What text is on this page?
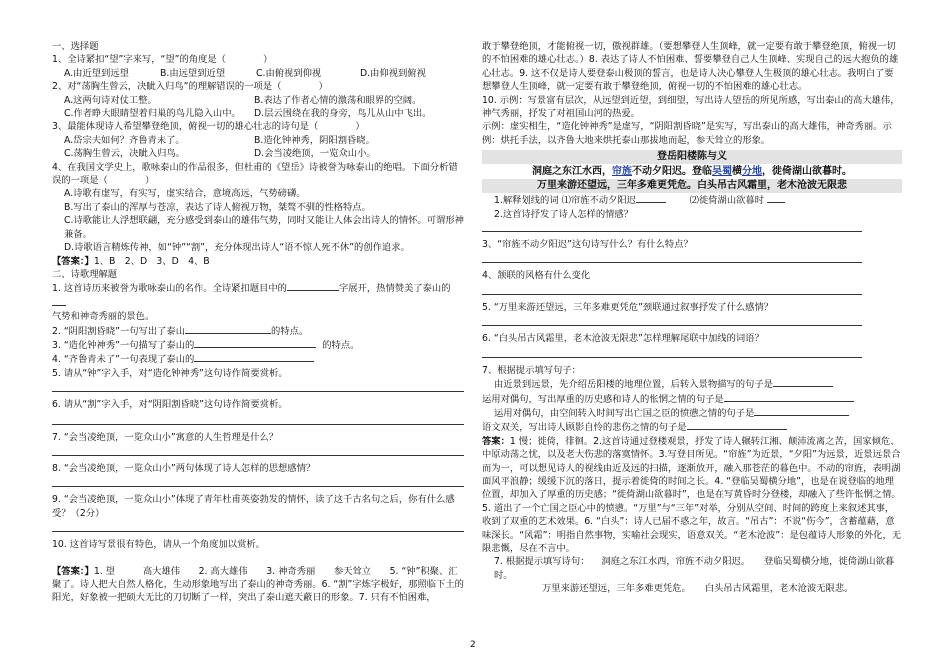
一、选择题

1、全诗紧扣“望”字来写，“望”的角度是（　　　　）

A.由近望到远望	B.由远望到近望	C.由俯视到仰视	D.由仰视到俯视

2、对“荡胸生曾云，决眦入归鸟”的理解错误的一项是（　　　　）

A.这两句诗对仗工整。	B.表达了作者心情的激荡和眼界的空阔。

C.作者睁大眼睛望着归巢的鸟儿隐入山中。 D.层云围绕在我的身旁，鸟儿从山中飞出。

3、最能体现诗人希望攀登绝顶，俯视一切的雄心壮志的诗句是（　　　　）

A.岱宗夫如何？齐鲁青未了。	B.造化钟神秀，阴阳割昏晓。

C.荡胸生曾云，决眦入归鸟。	D.会当凌绝顶，一览众山小。

4、在我国文学史上，歌咏泰山的作品很多，但杜甫的《望岳》诗被誉为咏泰山的绝唱。下面分析错误的一项是（　　　　）

A.诗歌有虚写，有实写，虚实结合，意境高远，气势磅礴。

B.写出了泰山的浑厚与苍凉，表达了诗人俯视万物，桀骜不驯的性格特点。

C.诗歌能让人浮想联翩，充分感受到泰山的雄伟气势，同时又能让人体会出诗人的情怀。可谓形神兼备。

D.诗歌语言精炼传神，如“钟”“割”，充分体现出诗人“语不惊人死不休”的创作追求。

【答案：】1、B　2、D　3、D　4、B

二、诗歌理解题

1. 这首诗历来被誉为歌咏泰山的名作。全诗紧扣题目中的	字展开，热情赞美了泰山的

气势和神奇秀丽的景色。

2. “阴阳割昏晓”一句写出了泰山	的特点。

3. “造化钟神秀”一句描写了泰山的	的特点。

4. “齐鲁青未了”一句表现了泰山的

5. 请从“钟”字入手，对“造化钟神秀”这句诗作简要赏析。

6. 请从“割”字入手，对“阴阳割昏晓”这句诗作简要赏析。

7. “会当凌绝顶，一览众山小”寓意的人生哲理是什么？

8. “会当凌绝顶，一览众山小”两句体现了诗人怎样的思想感情？

9. “会当凌绝顶，一览众山小”体现了青年杜甫英姿勃发的情怀，读了这千古名句之后，你有什么感受？（2分）

10. 这首诗写景很有特色，请从一个角度加以赏析。

【答案：】1. 望　　　高大雄伟　　2. 高大雄伟　　3. 神奇秀丽　　参天耸立　　5. “钟”积聚、汇聚了。诗人把大自然人格化，生动形象地写出了泰山的神奇秀丽。6. “割”字炼字极好，那照临下土的阳光，好象被一把硕大无比的刀切断了一样，突出了泰山遮天蔽日的形象。7. 只有不怕困难，

敢于攀登绝顶，才能俯视一切，傲视群雄。（要想攀登人生顶峰，就一定要有敢于攀登绝顶，俯视一切的不怕困难的雄心壮志。）8. 表达了诗人不怕困难、誓要攀登自己人生顶峰、实现自己的远大抱负的雄心壮志。9. 这不仅是诗人要登泰山极顶的誓言，也是诗人决心攀登人生极顶的雄心壮志。我明白了要想攀登人生顶峰，就一定要有敢于攀登绝顶，俯视一切的不怕困难的雄心壮志。

10. 示例：写景富有层次，从远望到近望，到细望，写出诗人望岳的所见所感，写出泰山的高大雄伟，神气秀丽，抒发了对祖国山河的热爱。

示例：虚实相生，“造化钟神秀”是虚写，“阴阳割昏晓”是实写，写出泰山的高大雄伟，神奇秀丽。示例：烘托手法，以齐鲁大地来烘托泰山那拔地而起，参天耸立的形象。

登岳阳楼陈与义
洞庭之东江水西，帘旌不动夕阳迟。登临吴蜀横分地，徙倚湖山欲暮时。
万里来游还望远，三年多难更凭危。白头吊古风霜里，老木沧波无限悲

1.解释划线的词 ⑴帘旌不动夕阳迟	⑵徙倚湖山欲暮时

2.这首诗抒发了诗人怎样的情感？

3、“帘旌不动夕阳迟”这句诗写什么？有什么特点？

4、颔联的风格有什么变化

5. “万里来游还望远，三年多难更凭危”颈联通过叙事抒发了什么感情？

6. “白头吊古风霜里，老木沧波无限悲”怎样理解尾联中加线的词语？

7、根据提示填写句子：

由近景到远景，先介绍岳阳楼的地理位置，后转入景物描写的句子是

运用对偶句，写出厚重的历史感和诗人的怅惘之情的句子是

运用对偶句，由空间转入时间写出亡国之臣的愤懑之情的句子是

语文双关，写出诗人顾影自怜的悲伤之情的句子是

答案：1 慢；徙倚，徘徊。2.这首诗通过登楼观景，抒发了诗人辗转江湘、颠沛流离之苦，国家倾危、中原动荡之忧，以及老大伤悲的落寞情怀。3.写登目所见。“帘旌”为近景，“夕阳”为远景，近景远景合而为一，可以想见诗人的视线由近及远的扫描，逐渐放开，融入那苍茫的暮色中。不动的帘旌，表明湖面风平浪静；缓缓下沉的落日，提示着徙倚的时间之长。4. “登临吴蜀横分地”，也是在说登临的地理位置，却加入了厚重的历史感；“徙倚湖山欲暮时”，也是在写黄昏时分登楼，却融入了些许怅惘之情。5. 道出了一个亡国之臣心中的愤懑。“万里”与“三年”对举，分别从空间、时间的跨度上来叙述其事，收到了双重的艺术效果。6. “白头”：诗人已届不惑之年，故言。“吊古”：不说“伤今”，含蓄蕴藉，意味深长。“风霜”：明指自然事物，实喻社会现实，语意双关。“老木沧波”：是包蕴诗人形象的外化，无限悲慨，尽在不言中。

7. 根据提示填写诗句： 洞庭之东江水西，帘旌不动夕阳迟。　　登临吴蜀横分地，徙倚湖山欲暮时。

万里来游还望远，三年多难更凭危。　　白头吊古风霜里，老木沧波无限悲。

2
